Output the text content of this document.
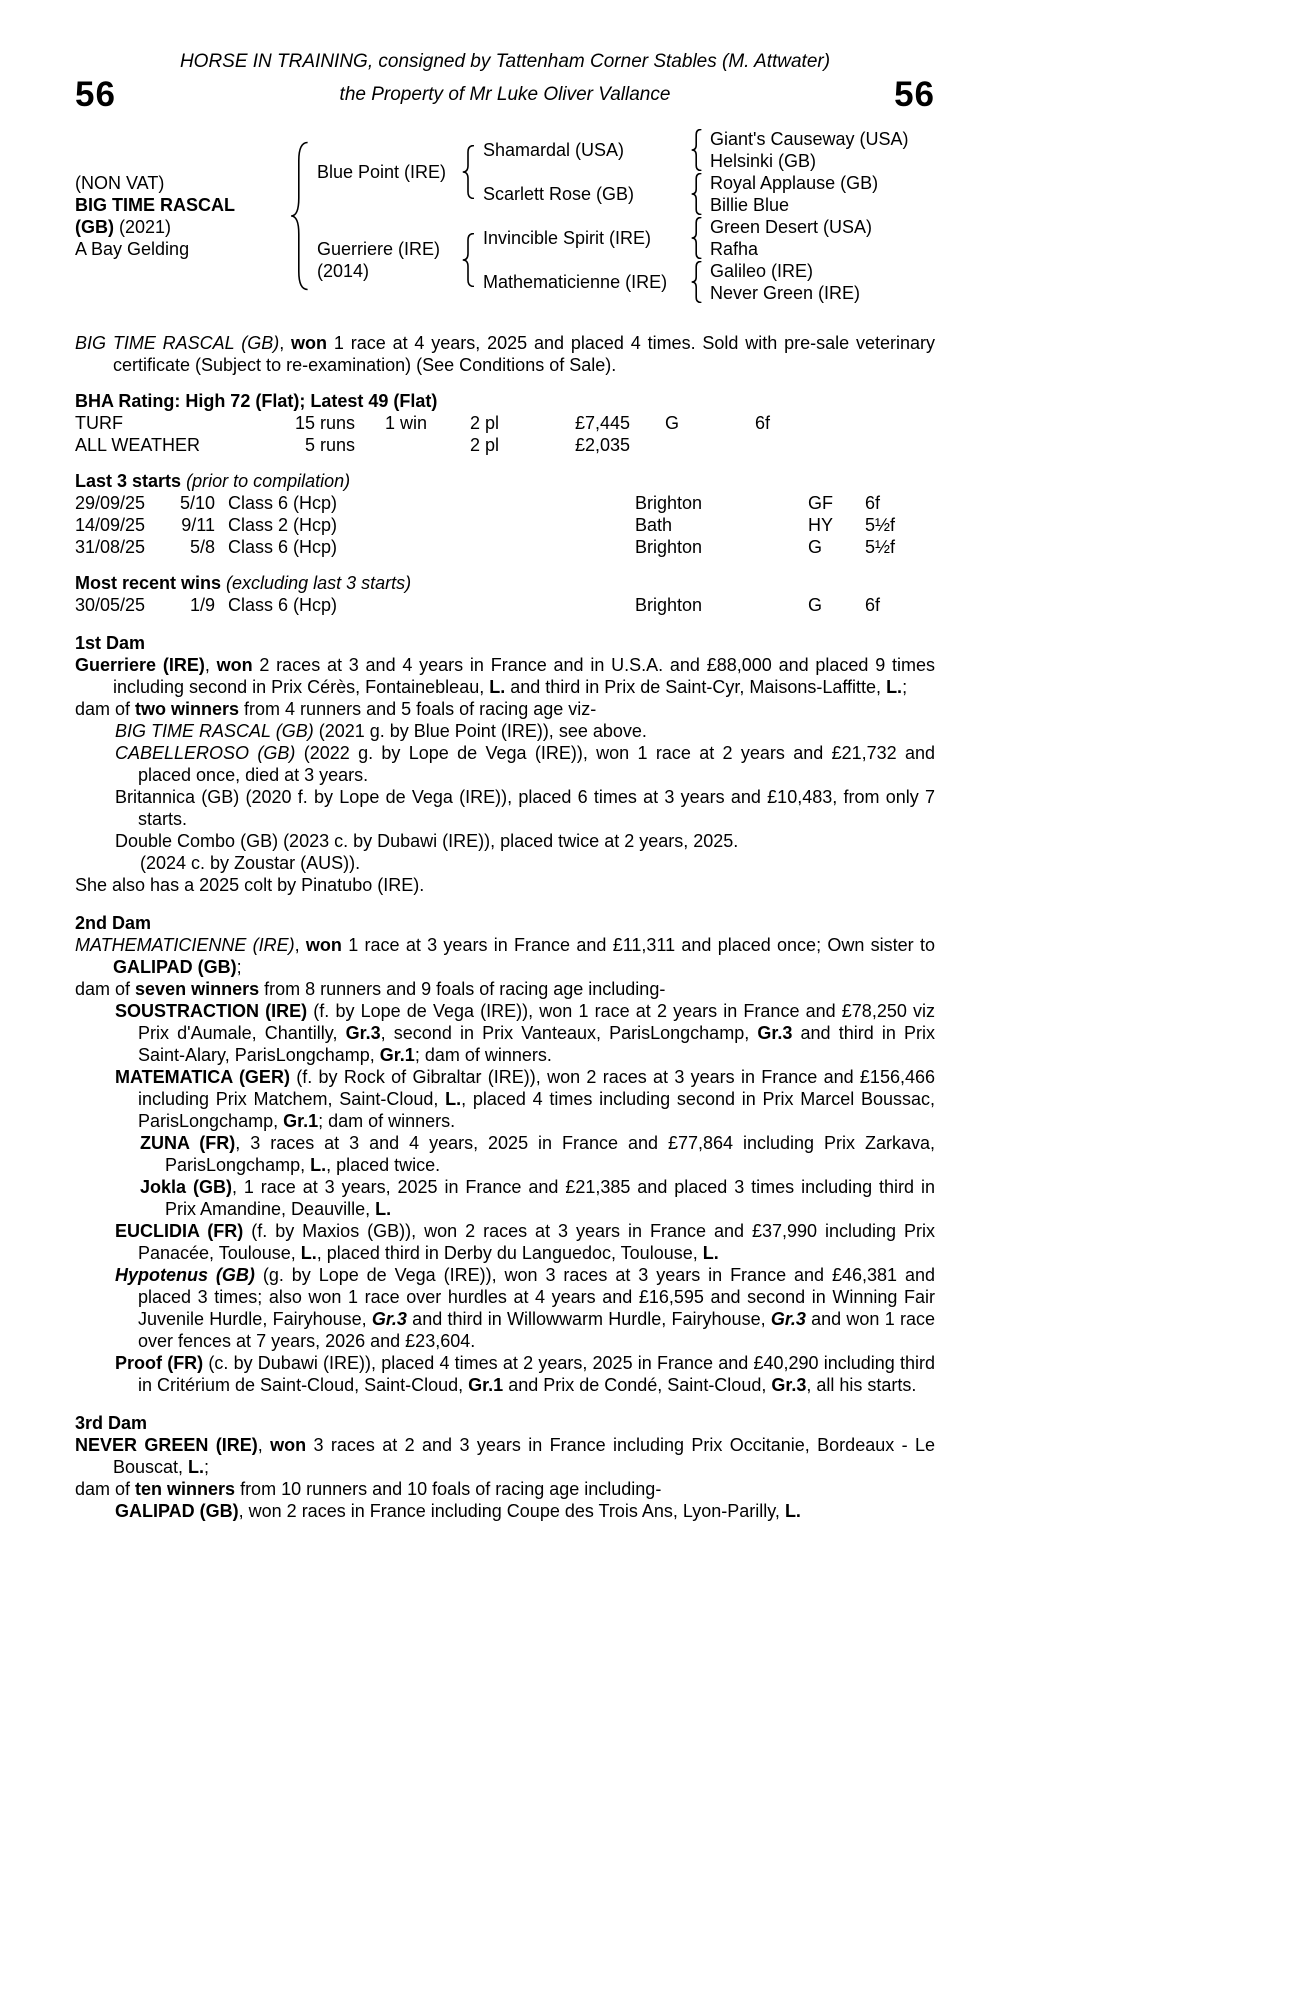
HORSE IN TRAINING, consigned by Tattenham Corner Stables (M. Attwater)
56	the Property of Mr Luke Oliver Vallance	56
(NON VAT)
BIG TIME RASCAL
(GB) (2021)
A Bay Gelding
Blue Point (IRE)
Shamardal (USA)
Giant's Causeway (USA)
Helsinki (GB)
Scarlett Rose (GB)
Royal Applause (GB)
Billie Blue
Guerriere (IRE)
(2014)
Invincible Spirit (IRE)
Green Desert (USA)
Rafha
Mathematicienne (IRE)
Galileo (IRE)
Never Green (IRE)
BIG TIME RASCAL (GB), won 1 race at 4 years, 2025 and placed 4 times. Sold with pre-sale veterinary certificate (Subject to re-examination) (See Conditions of Sale).
BHA Rating: High 72 (Flat); Latest 49 (Flat)
TURF	15 runs	1 win	2 pl	£7,445	G	6f
ALL WEATHER	5 runs	2 pl	£2,035
Last 3 starts (prior to compilation)
29/09/25	5/10 Class 6 (Hcp)	Brighton	GF	6f
14/09/25	9/11 Class 2 (Hcp)	Bath	HY	5½f
31/08/25	5/8 Class 6 (Hcp)	Brighton	G	5½f
Most recent wins (excluding last 3 starts)
30/05/25	1/9 Class 6 (Hcp)	Brighton	G	6f
1st Dam
Guerriere (IRE), won 2 races at 3 and 4 years in France and in U.S.A. and £88,000 and placed 9 times including second in Prix Cérès, Fontainebleau, L. and third in Prix de Saint-Cyr, Maisons-Laffitte, L.;
dam of two winners from 4 runners and 5 foals of racing age viz-
BIG TIME RASCAL (GB) (2021 g. by Blue Point (IRE)), see above.
CABELLEROSO (GB) (2022 g. by Lope de Vega (IRE)), won 1 race at 2 years and £21,732 and placed once, died at 3 years.
Britannica (GB) (2020 f. by Lope de Vega (IRE)), placed 6 times at 3 years and £10,483, from only 7 starts.
Double Combo (GB) (2023 c. by Dubawi (IRE)), placed twice at 2 years, 2025.
(2024 c. by Zoustar (AUS)).
She also has a 2025 colt by Pinatubo (IRE).
2nd Dam
MATHEMATICIENNE (IRE), won 1 race at 3 years in France and £11,311 and placed once; Own sister to GALIPAD (GB);
dam of seven winners from 8 runners and 9 foals of racing age including-
SOUSTRACTION (IRE) (f. by Lope de Vega (IRE)), won 1 race at 2 years in France and £78,250 viz Prix d'Aumale, Chantilly, Gr.3, second in Prix Vanteaux, ParisLongchamp, Gr.3 and third in Prix Saint-Alary, ParisLongchamp, Gr.1; dam of winners.
MATEMATICA (GER) (f. by Rock of Gibraltar (IRE)), won 2 races at 3 years in France and £156,466 including Prix Matchem, Saint-Cloud, L., placed 4 times including second in Prix Marcel Boussac, ParisLongchamp, Gr.1; dam of winners.
ZUNA (FR), 3 races at 3 and 4 years, 2025 in France and £77,864 including Prix Zarkava, ParisLongchamp, L., placed twice.
Jokla (GB), 1 race at 3 years, 2025 in France and £21,385 and placed 3 times including third in Prix Amandine, Deauville, L.
EUCLIDIA (FR) (f. by Maxios (GB)), won 2 races at 3 years in France and £37,990 including Prix Panacée, Toulouse, L., placed third in Derby du Languedoc, Toulouse, L.
Hypotenus (GB) (g. by Lope de Vega (IRE)), won 3 races at 3 years in France and £46,381 and placed 3 times; also won 1 race over hurdles at 4 years and £16,595 and second in Winning Fair Juvenile Hurdle, Fairyhouse, Gr.3 and third in Willowwarm Hurdle, Fairyhouse, Gr.3 and won 1 race over fences at 7 years, 2026 and £23,604.
Proof (FR) (c. by Dubawi (IRE)), placed 4 times at 2 years, 2025 in France and £40,290 including third in Critérium de Saint-Cloud, Saint-Cloud, Gr.1 and Prix de Condé, Saint-Cloud, Gr.3, all his starts.
3rd Dam
NEVER GREEN (IRE), won 3 races at 2 and 3 years in France including Prix Occitanie, Bordeaux - Le Bouscat, L.;
dam of ten winners from 10 runners and 10 foals of racing age including-
GALIPAD (GB), won 2 races in France including Coupe des Trois Ans, Lyon-Parilly, L.
